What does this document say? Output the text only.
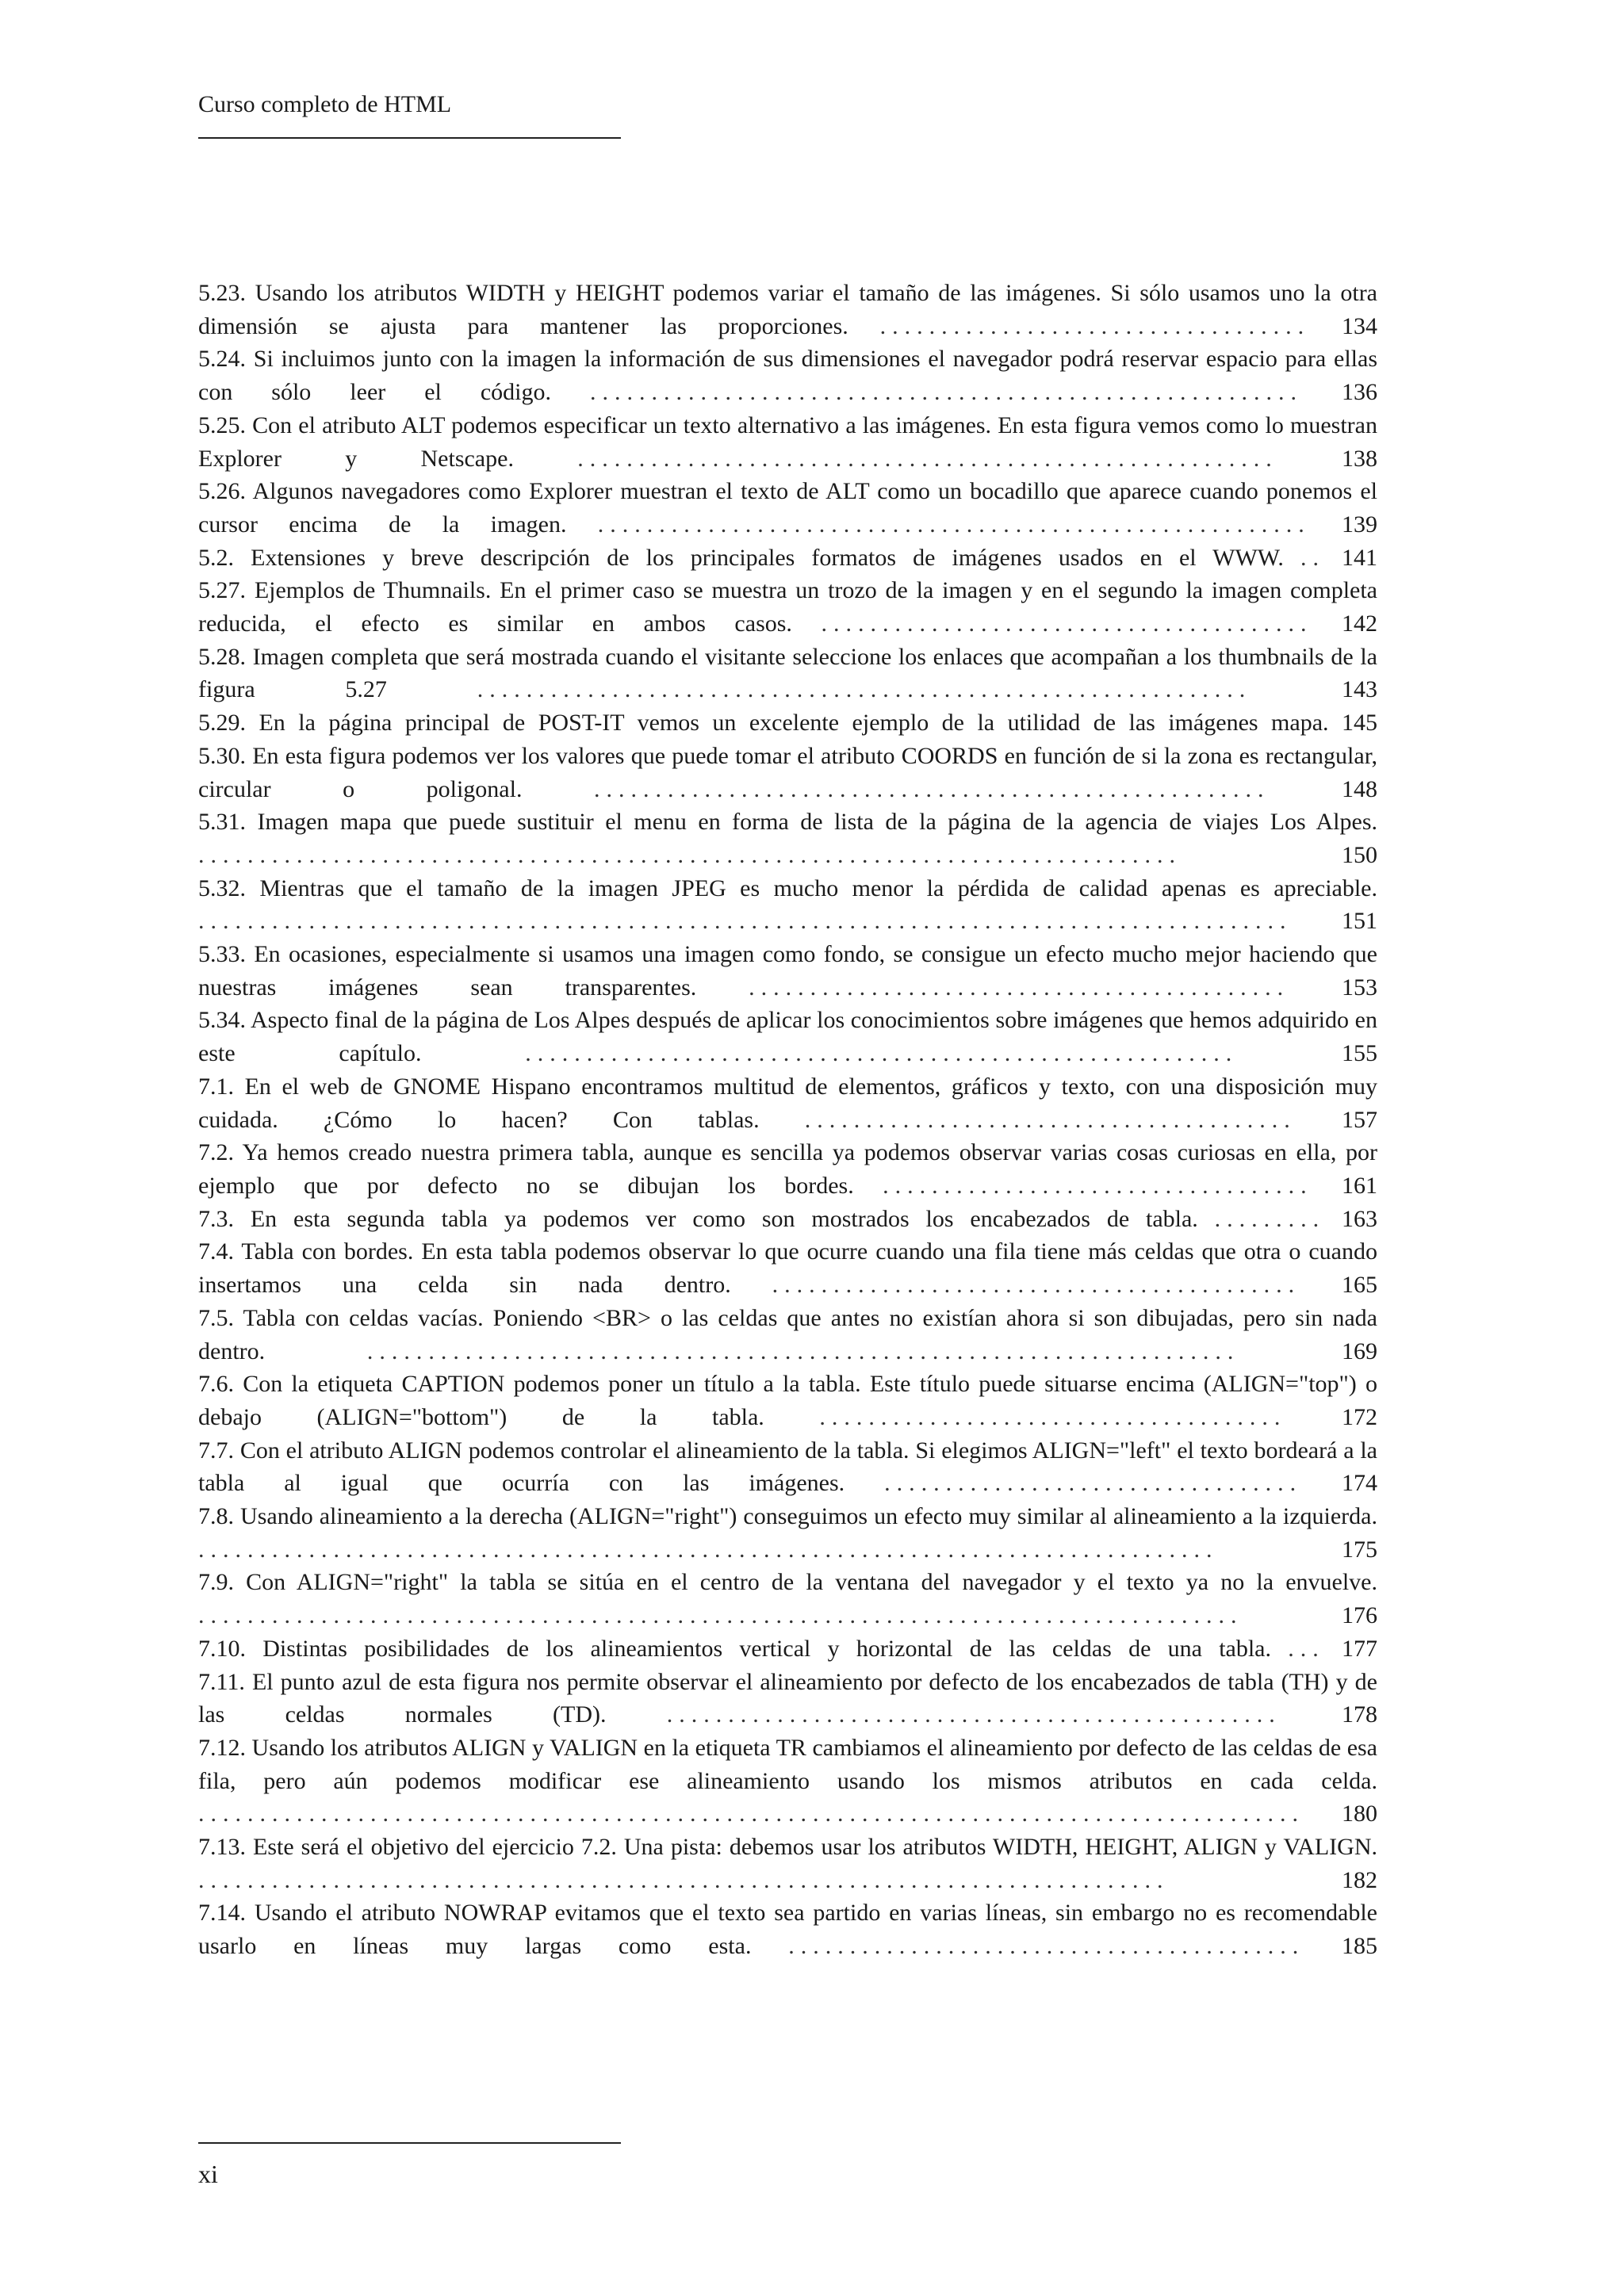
Curso completo de HTML
5.23. Usando los atributos WIDTH y HEIGHT podemos variar el tamaño de las imágenes. Si sólo usamos uno la otra dimensión se ajusta para mantener las proporciones. ................................... 134
5.24. Si incluimos junto con la imagen la información de sus dimensiones el navegador podrá reservar espacio para ellas con sólo leer el código. .......................................................... 136
5.25. Con el atributo ALT podemos especificar un texto alternativo a las imágenes. En esta figura vemos como lo muestran Explorer y Netscape.	.........................................................	138
5.26. Algunos navegadores como Explorer muestran el texto de ALT como un bocadillo que aparece cuando ponemos el cursor encima de la imagen. .......................................................... 139
5.2. Extensiones y breve descripción de los principales formatos de imágenes usados en el WWW. .. 141
5.27. Ejemplos de Thumnails. En el primer caso se muestra un trozo de la imagen y en el segundo la imagen completa reducida, el efecto es similar en ambos casos. ........................................ 142
5.28. Imagen completa que será mostrada cuando el visitante seleccione los enlaces que acompañan a los thumbnails de la figura 5.27	...............................................................	143
5.29. En la página principal de POST-IT vemos un excelente ejemplo de la utilidad de las imágenes mapa. 145
5.30. En esta figura podemos ver los valores que puede tomar el atributo COORDS en función de si la zona es rectangular, circular o poligonal.	.......................................................	148
5.31. Imagen mapa que puede sustituir el menu en forma de lista de la página de la agencia de viajes Los Alpes. ................................................................................	150
5.32. Mientras que el tamaño de la imagen JPEG es mucho menor la pérdida de calidad apenas es apreciable. ......................................................................................... 151
5.33. En ocasiones, especialmente si usamos una imagen como fondo, se consigue un efecto mucho mejor haciendo que nuestras imágenes sean transparentes. ............................................ 153
5.34. Aspecto final de la página de Los Alpes después de aplicar los conocimientos sobre imágenes que hemos adquirido en este capítulo.	..........................................................	155
7.1. En el web de GNOME Hispano encontramos multitud de elementos, gráficos y texto, con una disposición muy cuidada. ¿Cómo lo hacen? Con tablas. ........................................ 157
7.2. Ya hemos creado nuestra primera tabla, aunque es sencilla ya podemos observar varias cosas curiosas en ella, por ejemplo que por defecto no se dibujan los bordes. ................................... 161
7.3. En esta segunda tabla ya podemos ver como son mostrados los encabezados de tabla. ......... 163
7.4. Tabla con bordes. En esta tabla podemos observar lo que ocurre cuando una fila tiene más celdas que otra o cuando insertamos una celda sin nada dentro. ........................................... 165
7.5. Tabla con celdas vacías. Poniendo <BR> o las celdas que antes no existían ahora si son dibujadas, pero sin nada dentro.	.......................................................................	169
7.6. Con la etiqueta CAPTION podemos poner un título a la tabla. Este título puede situarse encima (ALIGN="top") o debajo (ALIGN="bottom") de la tabla. ...................................... 172
7.7. Con el atributo ALIGN podemos controlar el alineamiento de la tabla. Si elegimos ALIGN="left" el texto bordeará a la tabla al igual que ocurría con las imágenes. .................................. 174
7.8. Usando alineamiento a la derecha (ALIGN="right") conseguimos un efecto muy similar al alineamiento a la izquierda. ...................................................................................	175
7.9. Con ALIGN="right" la tabla se sitúa en el centro de la ventana del navegador y el texto ya no la envuelve. .....................................................................................	176
7.10. Distintas posibilidades de los alineamientos vertical y horizontal de las celdas de una tabla. ... 177
7.11. El punto azul de esta figura nos permite observar el alineamiento por defecto de los encabezados de tabla (TH) y de las celdas normales (TD).	..................................................	178
7.12. Usando los atributos ALIGN y VALIGN en la etiqueta TR cambiamos el alineamiento por defecto de las celdas de esa fila, pero aún podemos modificar ese alineamiento usando los mismos atributos en cada celda. .......................................................................................... 180
7.13. Este será el objetivo del ejercicio 7.2. Una pista: debemos usar los atributos WIDTH, HEIGHT, ALIGN y VALIGN. ...............................................................................	182
7.14. Usando el atributo NOWRAP evitamos que el texto sea partido en varias líneas, sin embargo no es recomendable usarlo en líneas muy largas como esta. .......................................... 185
xi
